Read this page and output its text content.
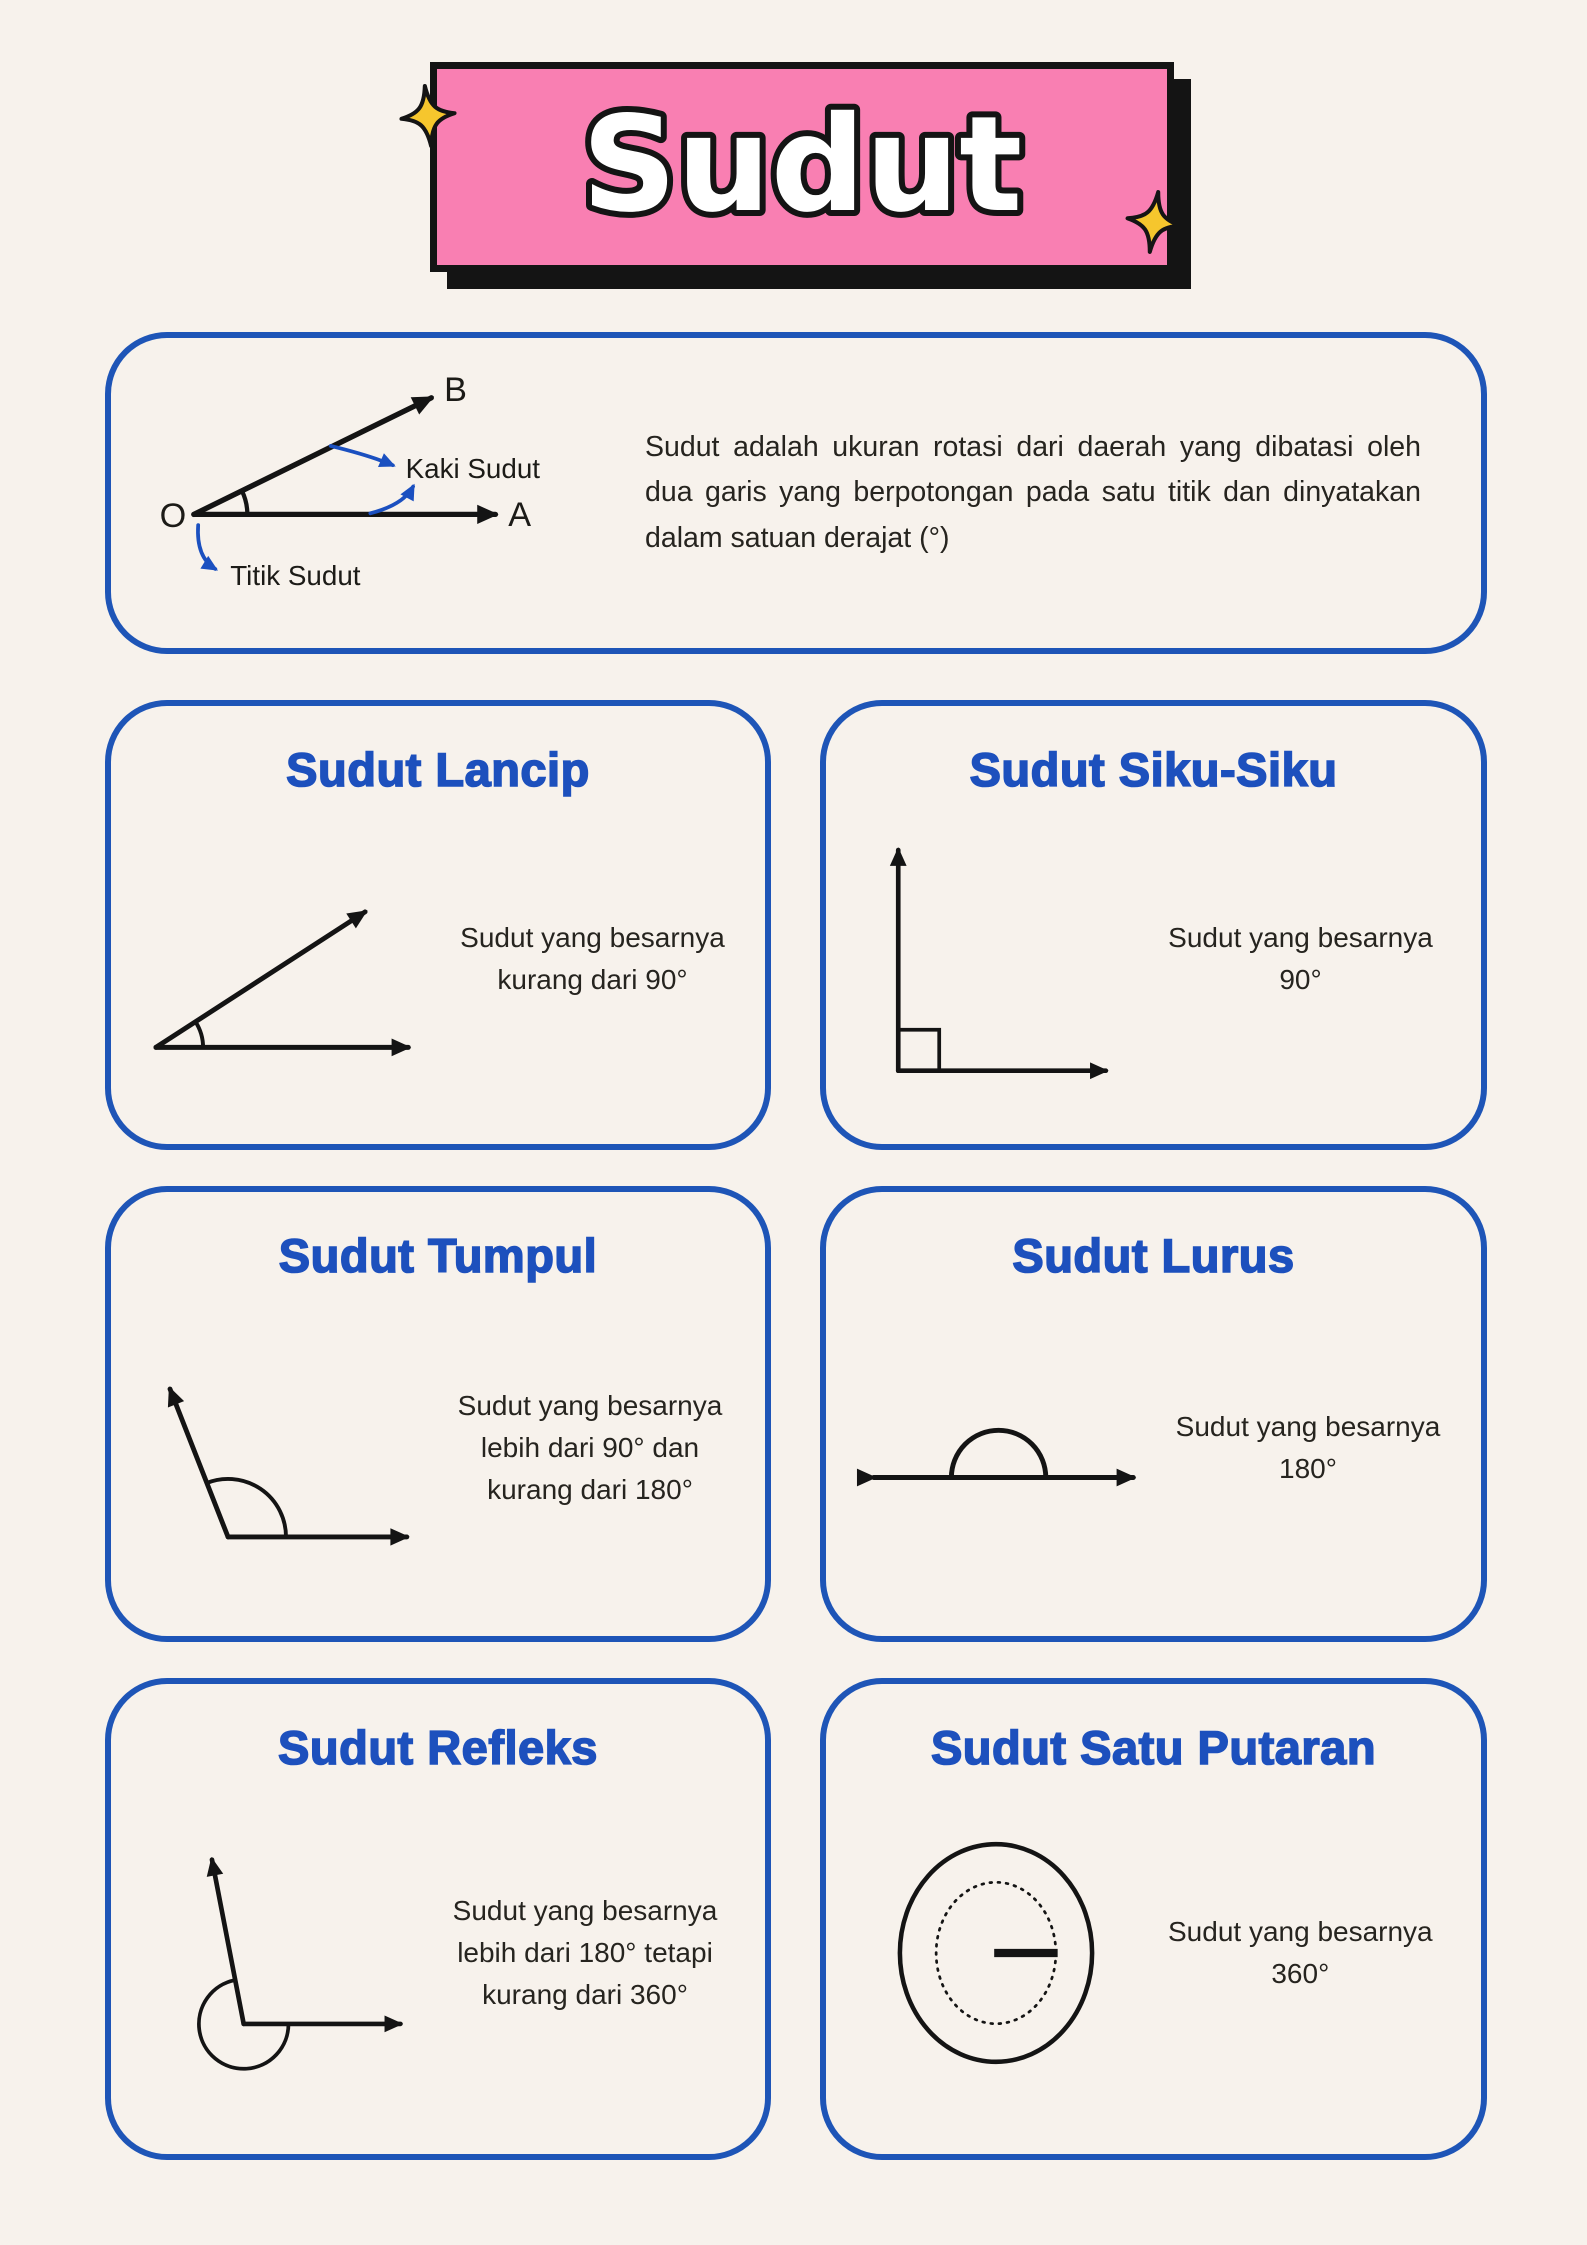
Sudut
O	A
B
Kaki Sudut
Titik Sudut
Sudut adalah ukuran rotasi dari daerah yang dibatasi oleh dua garis yang berpotongan pada satu titik dan dinyatakan dalam satuan derajat (°)
Sudut Lancip
Sudut yang besarnya kurang dari 90°
Sudut Siku-Siku
Sudut yang besarnya 90°
Sudut Tumpul
Sudut yang besarnya lebih dari 90° dan kurang dari 180°
Sudut Lurus
Sudut yang besarnya 180°
Sudut Refleks
Sudut yang besarnya lebih dari 180° tetapi kurang dari 360°
Sudut Satu Putaran
Sudut yang besarnya 360°
